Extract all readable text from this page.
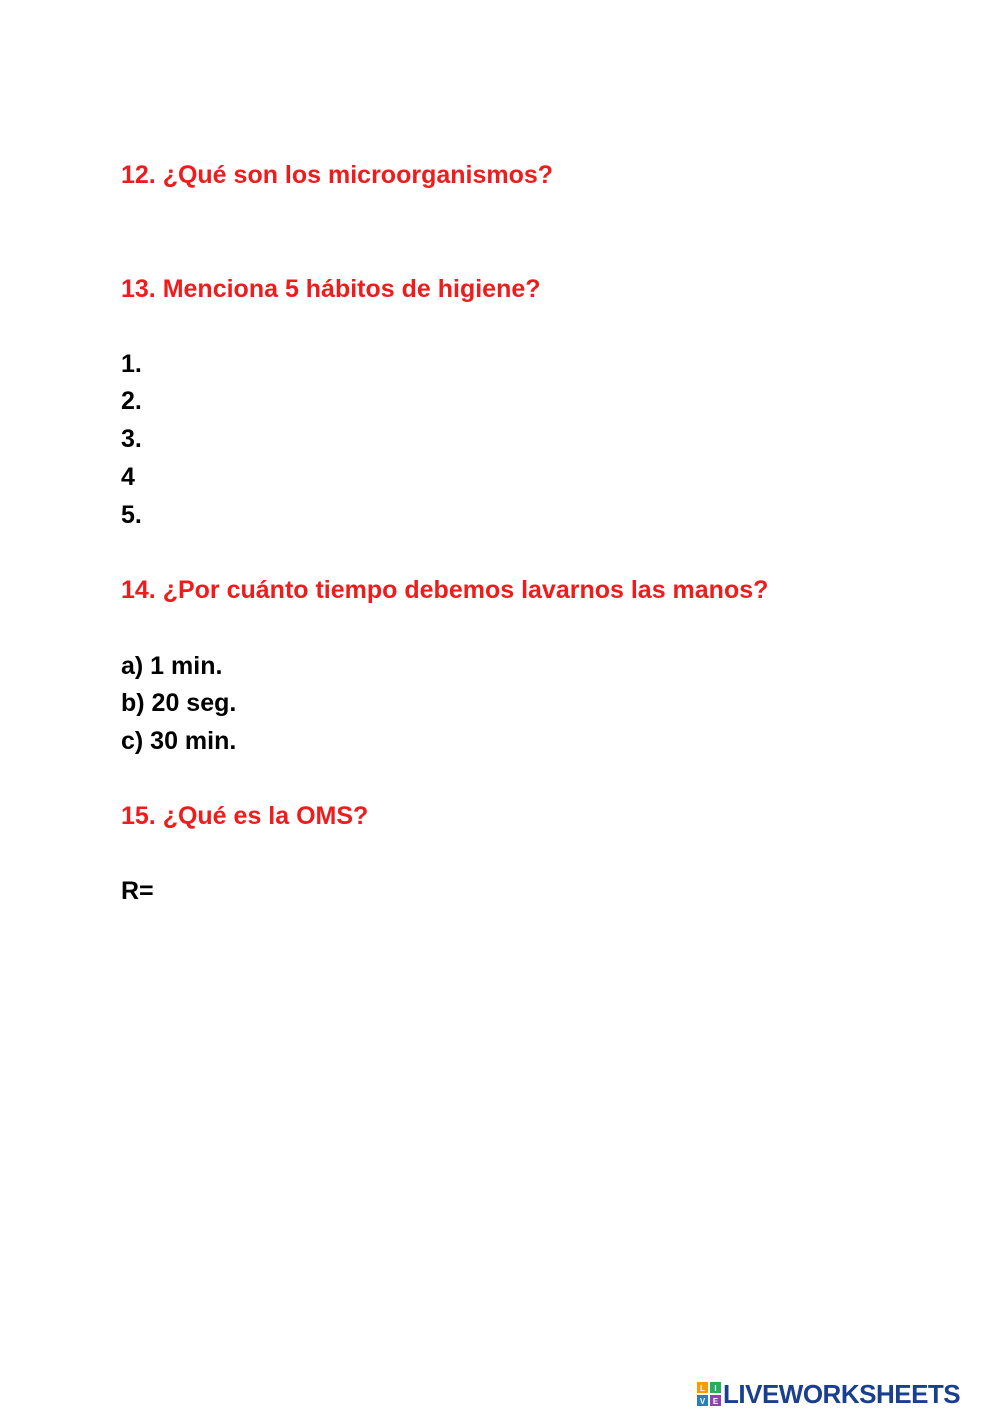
12. ¿Qué son los microorganismos?

13. Menciona 5 hábitos de higiene?

1.

2.

3.

4

5.

14. ¿Por cuánto tiempo debemos lavarnos las manos?

a) 1 min.

b) 20 seg.

c) 30 min.

15. ¿Qué es la OMS?

R=

L I
V E LIVEWORKSHEETS
